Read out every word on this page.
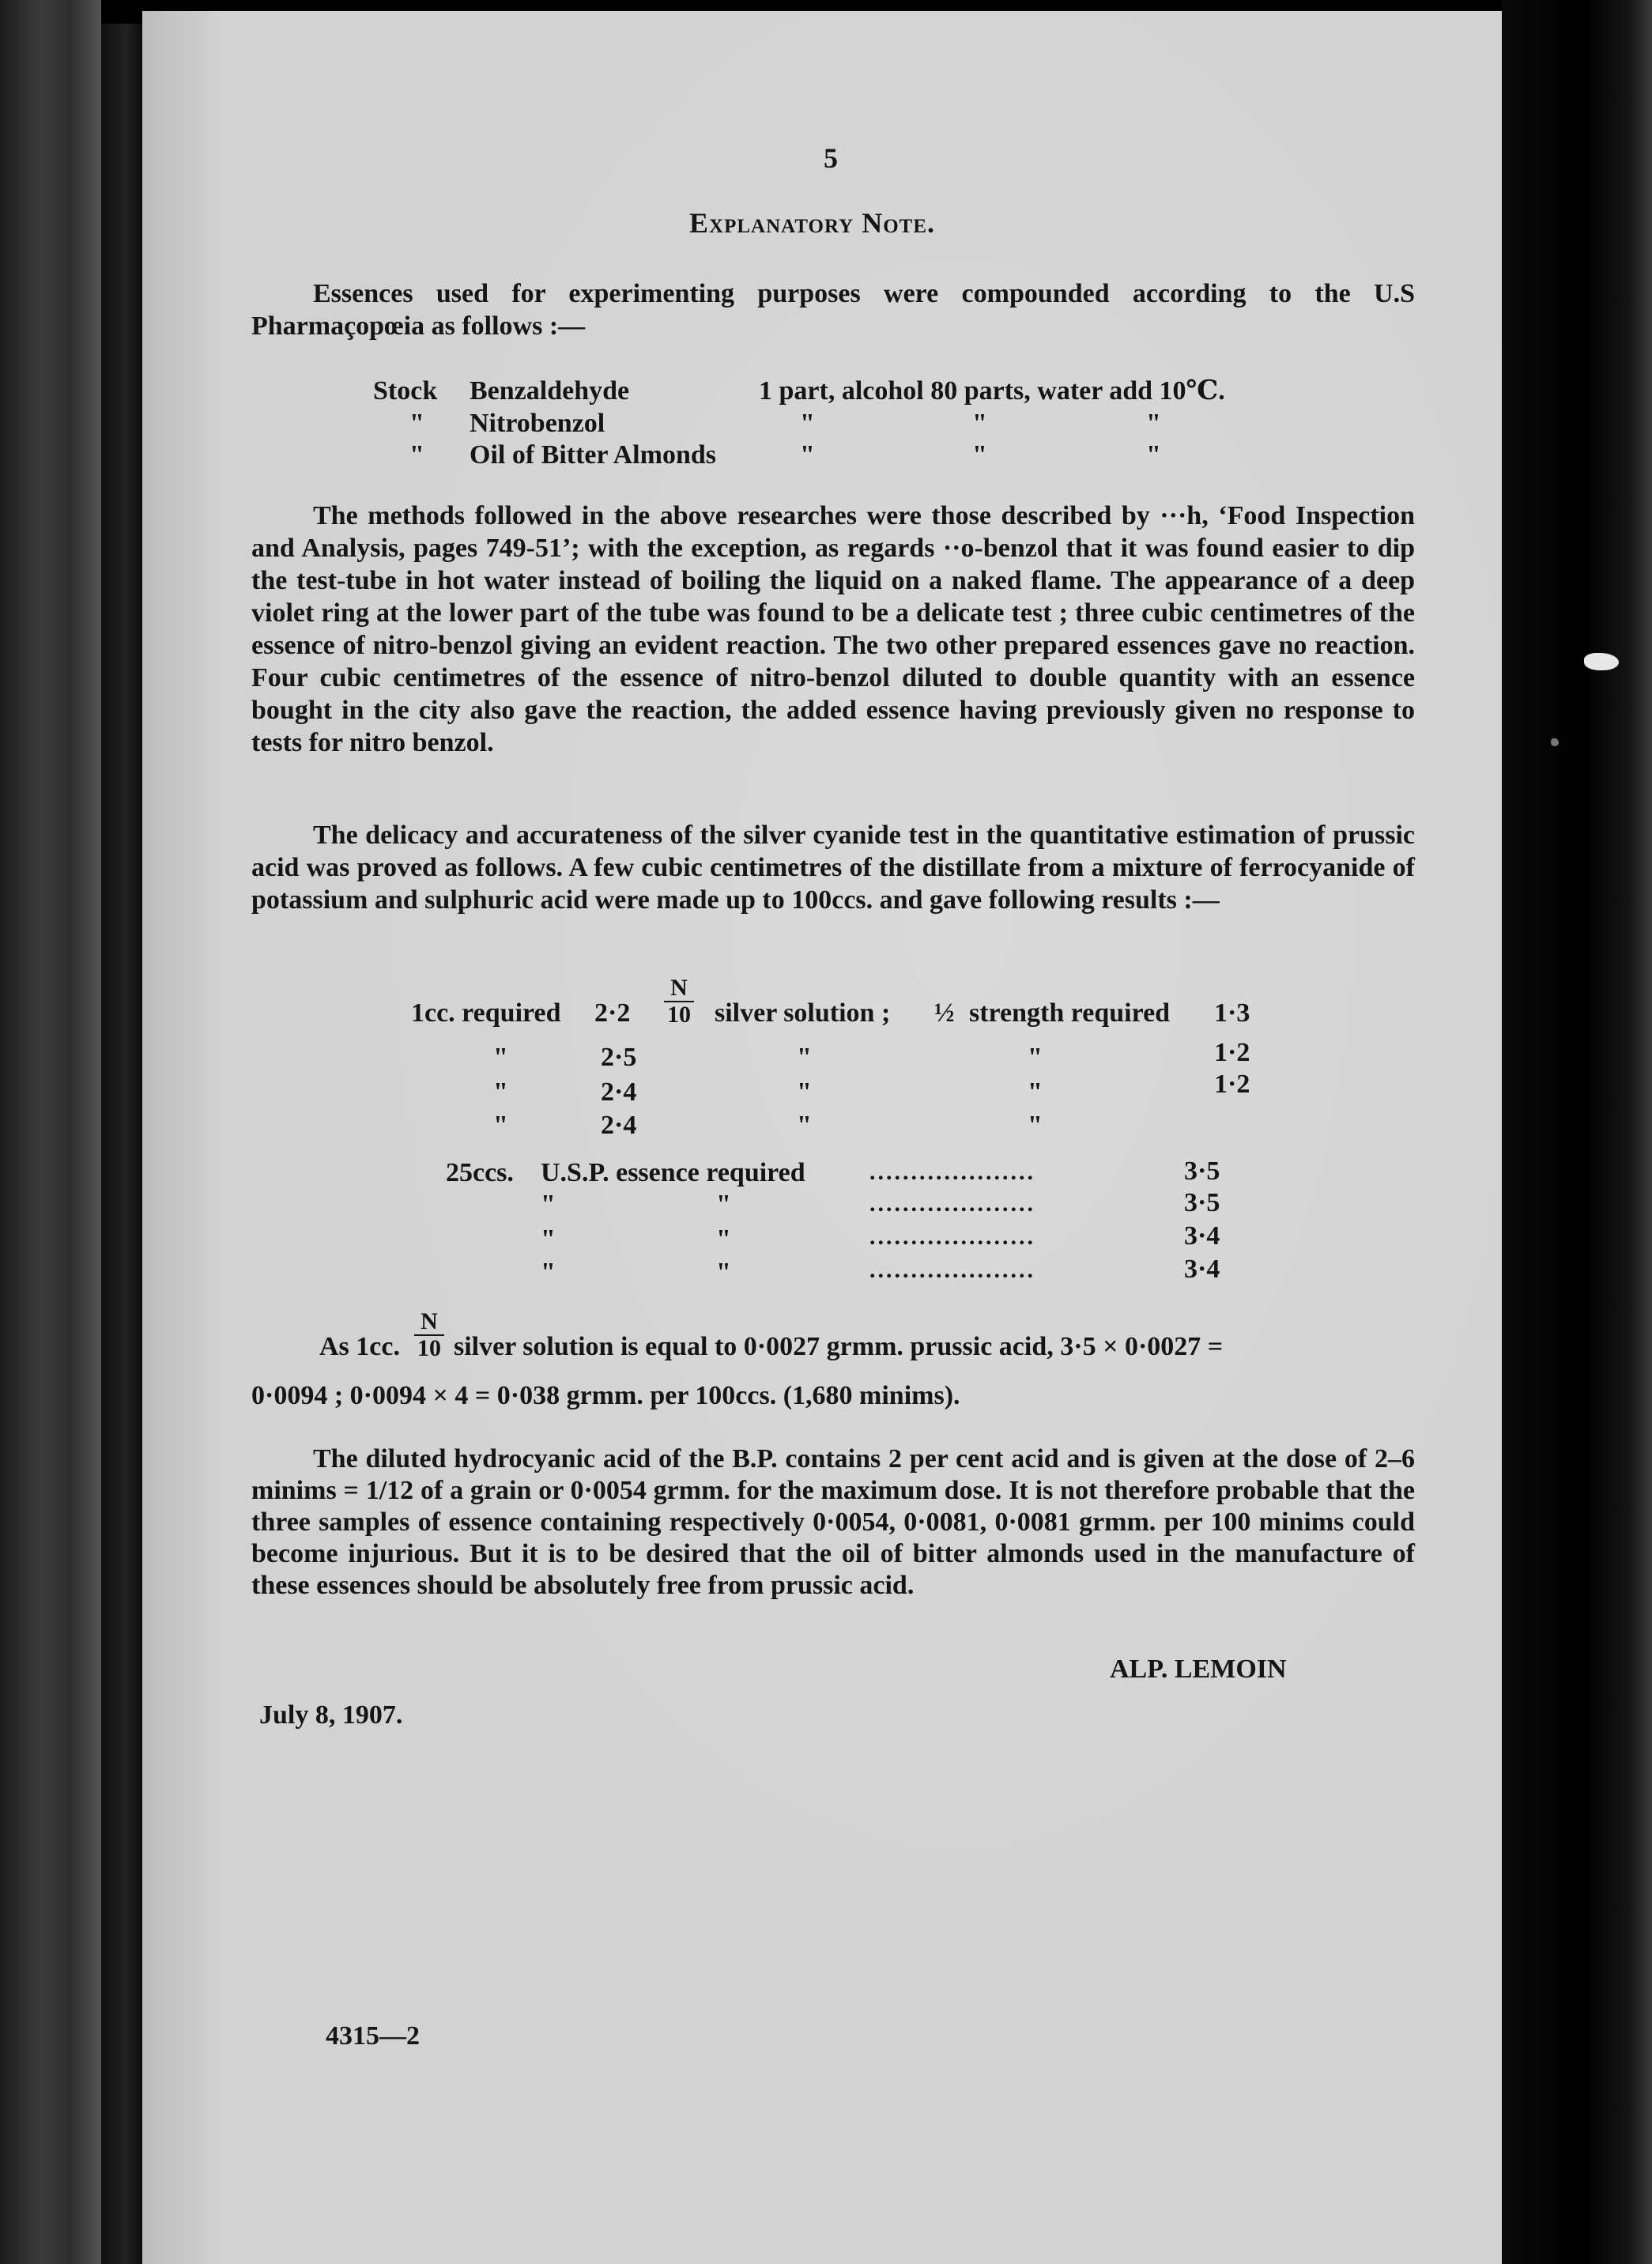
5
Explanatory Note.

Essences used for experimenting purposes were compounded according to the U.S Pharmaçopœia as follows :—

Stock Benzaldehyde	1 part, alcohol 80 parts, water add 10℃.
" Nitrobenzol	"	"	"
" Oil of Bitter Almonds	"	"	"

The methods followed in the above researches were those described by ···h, ‘Food Inspection and Analysis, pages 749-51’; with the exception, as regards ··o-benzol that it was found easier to dip the test-tube in hot water instead of boiling the liquid on a naked flame. The appearance of a deep violet ring at the lower part of the tube was found to be a delicate test ; three cubic centimetres of the essence of nitro-benzol giving an evident reaction. The two other prepared essences gave no reaction. Four cubic centimetres of the essence of nitro-benzol diluted to double quantity with an essence bought in the city also gave the reaction, the added essence having previously given no response to tests for nitro benzol.

The delicacy and accurateness of the silver cyanide test in the quantitative estimation of prussic acid was proved as follows. A few cubic centimetres of the distillate from a mixture of ferrocyanide of potassium and sulphuric acid were made up to 100ccs. and gave following results :—

1cc. required $2\cdot 2 \frac{N}{10}$ silver solution ; ½ strength required 1·3
"	2·5	"	"	1·2
"	2·4	"	"	1·2
"	2·4	"	"
25ccs. U.S.P. essence required	....................	3·5
"	"	....................	3·5
"	"	....................	3·4
"	"	....................	3·4
As 1cc. $\frac{N}{10}$ silver solution is equal to 0·0027 grmm. prussic acid, 3·5 × 0·0027 =
0·0094 ; 0·0094 × 4 = 0·038 grmm. per 100ccs. (1,680 minims).

The diluted hydrocyanic acid of the B.P. contains 2 per cent acid and is given at the dose of 2–6 minims = 1/12 of a grain or 0·0054 grmm. for the maximum dose. It is not therefore probable that the three samples of essence containing respectively 0·0054, 0·0081, 0·0081 grmm. per 100 minims could become injurious. But it is to be desired that the oil of bitter almonds used in the manufacture of these essences should be absolutely free from prussic acid.

ALP. LEMOIN
July 8, 1907.
4315—2
